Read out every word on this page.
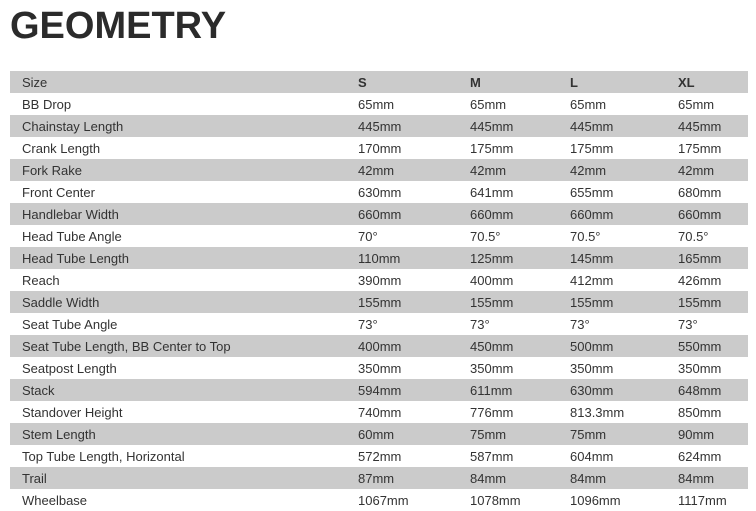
GEOMETRY
Size	S	M	L	XL
BB Drop	65mm	65mm	65mm	65mm
Chainstay Length	445mm	445mm	445mm	445mm
Crank Length	170mm	175mm	175mm	175mm
Fork Rake	42mm	42mm	42mm	42mm
Front Center	630mm	641mm	655mm	680mm
Handlebar Width	660mm	660mm	660mm	660mm
Head Tube Angle	70°	70.5°	70.5°	70.5°
Head Tube Length	110mm	125mm	145mm	165mm
Reach	390mm	400mm	412mm	426mm
Saddle Width	155mm	155mm	155mm	155mm
Seat Tube Angle	73°	73°	73°	73°
Seat Tube Length, BB Center to Top	400mm	450mm	500mm	550mm
Seatpost Length	350mm	350mm	350mm	350mm
Stack	594mm	611mm	630mm	648mm
Standover Height	740mm	776mm	813.3mm	850mm
Stem Length	60mm	75mm	75mm	90mm
Top Tube Length, Horizontal	572mm	587mm	604mm	624mm
Trail	87mm	84mm	84mm	84mm
Wheelbase	1067mm	1078mm	1096mm	1117mm
